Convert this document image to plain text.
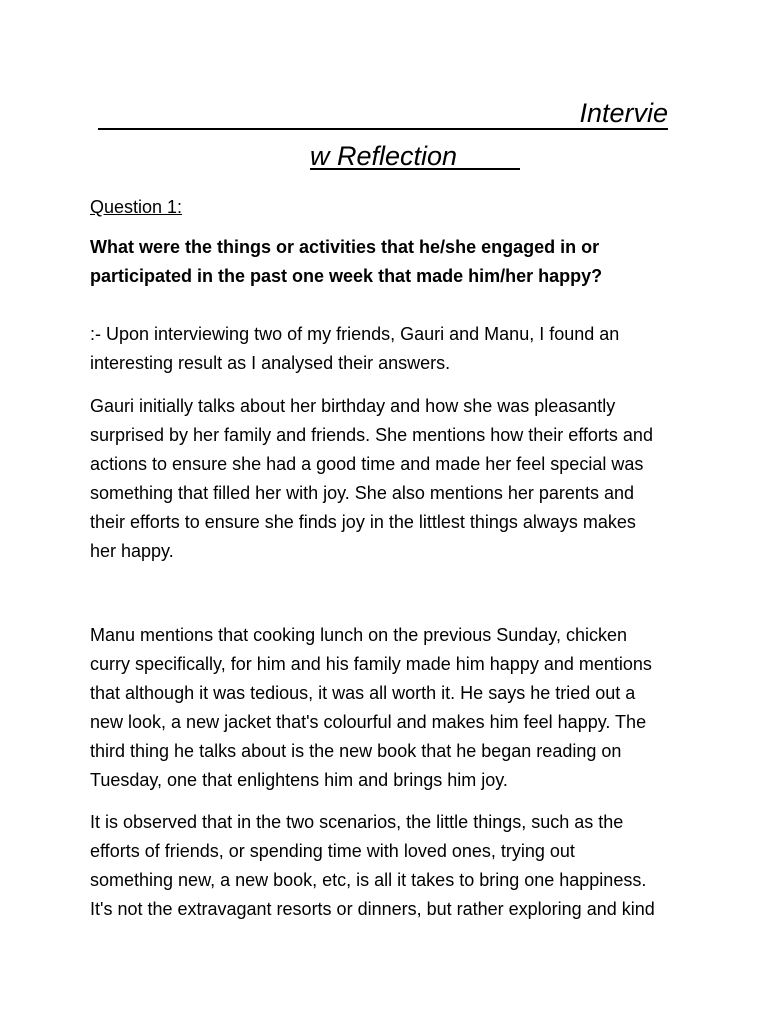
Intervie
w Reflection
Question 1:
What were the things or activities that he/she engaged in or
participated in the past one week that made him/her happy?
:- Upon interviewing two of my friends, Gauri and Manu, I found an
interesting result as I analysed their answers.
Gauri initially talks about her birthday and how she was pleasantly
surprised by her family and friends. She mentions how their efforts and
actions to ensure she had a good time and made her feel special was
something that filled her with joy. She also mentions her parents and
their efforts to ensure she finds joy in the littlest things always makes
her happy.
Manu mentions that cooking lunch on the previous Sunday, chicken
curry specifically, for him and his family made him happy and mentions
that although it was tedious, it was all worth it. He says he tried out a
new look, a new jacket that's colourful and makes him feel happy. The
third thing he talks about is the new book that he began reading on
Tuesday, one that enlightens him and brings him joy.
It is observed that in the two scenarios, the little things, such as the
efforts of friends, or spending time with loved ones, trying out
something new, a new book, etc, is all it takes to bring one happiness.
It's not the extravagant resorts or dinners, but rather exploring and kind
